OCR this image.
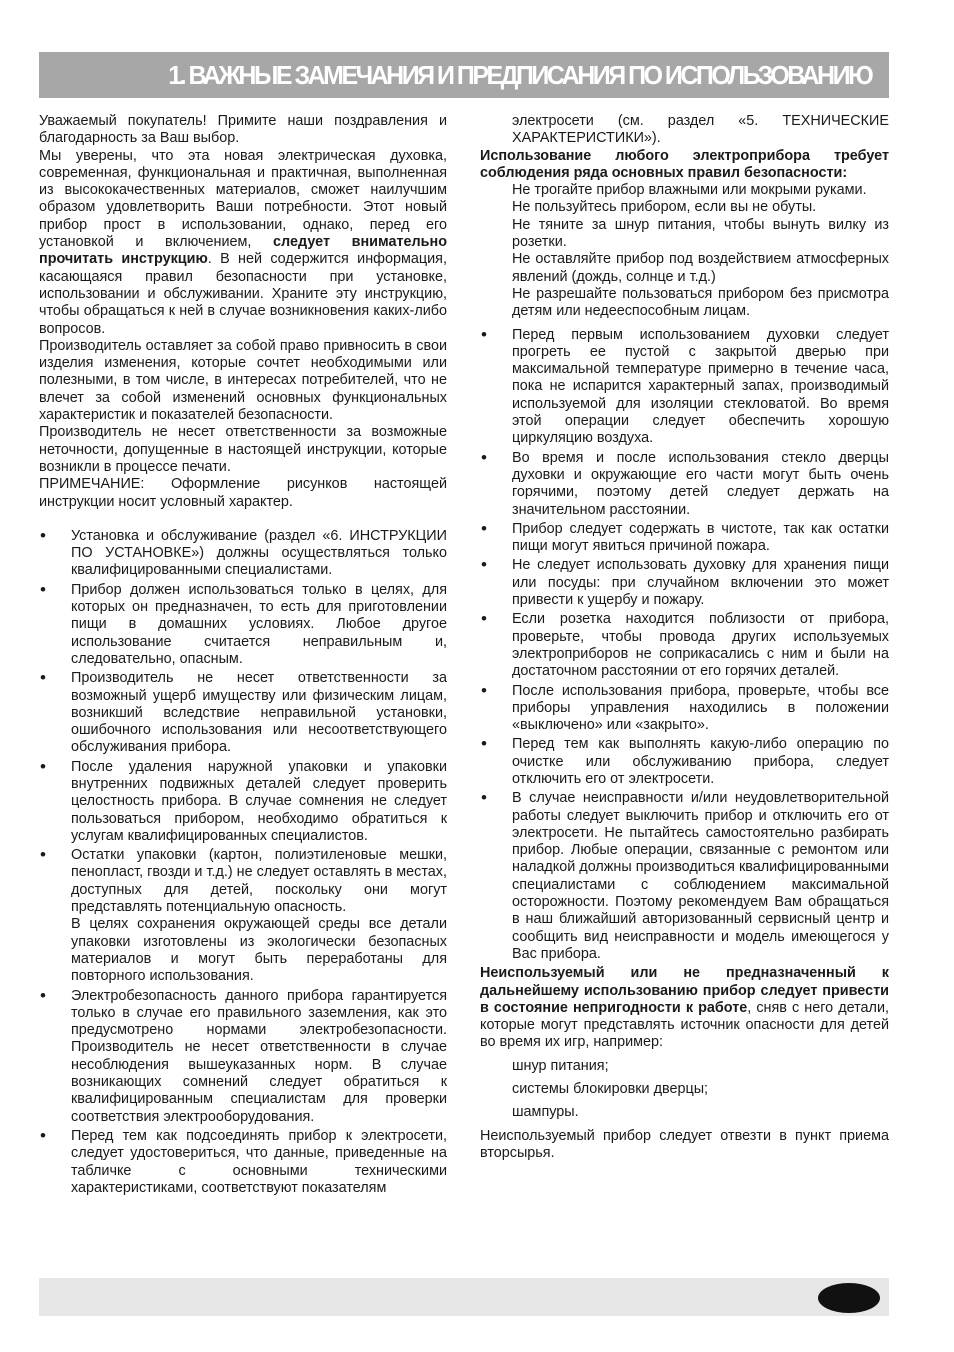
1. ВАЖНЫЕ ЗАМЕЧАНИЯ И ПРЕДПИСАНИЯ ПО ИСПОЛЬЗОВАНИЮ

Уважаемый покупатель! Примите наши поздравления и благодарность за Ваш выбор.

Мы уверены, что эта новая электрическая духовка, современная, функциональная и практичная, выполненная из высококачественных материалов, сможет наилучшим образом удовлетворить Ваши потребности. Этот новый прибор прост в использовании, однако, перед его установкой и включением, следует внимательно прочитать инструкцию. В ней содержится информация, касающаяся правил безопасности при установке, использовании и обслуживании. Храните эту инструкцию, чтобы обращаться к ней в случае возникновения каких-либо вопросов.

Производитель оставляет за собой право привносить в свои изделия изменения, которые сочтет необходимыми или полезными, в том числе, в интересах потребителей, что не влечет за собой изменений основных функциональных характеристик и показателей безопасности.

Производитель не несет ответственности за возможные неточности, допущенные в настоящей инструкции, которые возникли в процессе печати.

ПРИМЕЧАНИЕ: Оформление рисунков настоящей инструкции носит условный характер.

• Установка и обслуживание (раздел «6. ИНСТРУКЦИИ ПО УСТАНОВКЕ») должны осуществляться только квалифицированными специалистами.
• Прибор должен использоваться только в целях, для которых он предназначен, то есть для приготовлении пищи в домашних условиях. Любое другое использование считается неправильным и, следовательно, опасным.
• Производитель не несет ответственности за возможный ущерб имуществу или физическим лицам, возникший вследствие неправильной установки, ошибочного использования или несоответствующего обслуживания прибора.
• После удаления наружной упаковки и упаковки внутренних подвижных деталей следует проверить целостность прибора. В случае сомнения не следует пользоваться прибором, необходимо обратиться к услугам квалифицированных специалистов.
• Остатки упаковки (картон, полиэтиленовые мешки, пенопласт, гвозди и т.д.) не следует оставлять в местах, доступных для детей, поскольку они могут представлять потенциальную опасность.
В целях сохранения окружающей среды все детали упаковки изготовлены из экологически безопасных материалов и могут быть переработаны для повторного использования.
• Электробезопасность данного прибора гарантируется только в случае его правильного заземления, как это предусмотрено нормами электробезопасности. Производитель не несет ответственности в случае несоблюдения вышеуказанных норм. В случае возникающих сомнений следует обратиться к квалифицированным специалистам для проверки соответствия электрооборудования.
• Перед тем как подсоединять прибор к электросети, следует удостовериться, что данные, приведенные на табличке с основными техническими характеристиками, соответствуют показателям

электросети (см. раздел «5. ТЕХНИЧЕСКИЕ ХАРАКТЕРИСТИКИ»).

Использование любого электроприбора требует соблюдения ряда основных правил безопасности:

Не трогайте прибор влажными или мокрыми руками.

Не пользуйтесь прибором, если вы не обуты.

Не тяните за шнур питания, чтобы вынуть вилку из розетки.

Не оставляйте прибор под воздействием атмосферных явлений (дождь, солнце и т.д.)

Не разрешайте пользоваться прибором без присмотра детям или недееспособным лицам.

• Перед первым использованием духовки следует прогреть ее пустой с закрытой дверью при максимальной температуре примерно в течение часа, пока не испарится характерный запах, производимый используемой для изоляции стекловатой. Во время этой операции следует обеспечить хорошую циркуляцию воздуха.
• Во время и после использования стекло дверцы духовки и окружающие его части могут быть очень горячими, поэтому детей следует держать на значительном расстоянии.
• Прибор следует содержать в чистоте, так как остатки пищи могут явиться причиной пожара.
• Не следует использовать духовку для хранения пищи или посуды: при случайном включении это может привести к ущербу и пожару.
• Если розетка находится поблизости от прибора, проверьте, чтобы провода других используемых электроприборов не соприкасались с ним и были на достаточном расстоянии от его горячих деталей.
• После использования прибора, проверьте, чтобы все приборы управления находились в положении «выключено» или «закрыто».
• Перед тем как выполнять какую-либо операцию по очистке или обслуживанию прибора, следует отключить его от электросети.
• В случае неисправности и/или неудовлетворительной работы следует выключить прибор и отключить его от электросети. Не пытайтесь самостоятельно разбирать прибор. Любые операции, связанные с ремонтом или наладкой должны производиться квалифицированными специалистами с соблюдением максимальной осторожности. Поэтому рекомендуем Вам обращаться в наш ближайший авторизованный сервисный центр и сообщить вид неисправности и модель имеющегося у Вас прибора.

Неиспользуемый или не предназначенный к дальнейшему использованию прибор следует привести в состояние непригодности к работе, сняв с него детали, которые могут представлять источник опасности для детей во время их игр, например:

шнур питания;

системы блокировки дверцы;

шампуры.

Неиспользуемый прибор следует отвезти в пункт приема вторсырья.
